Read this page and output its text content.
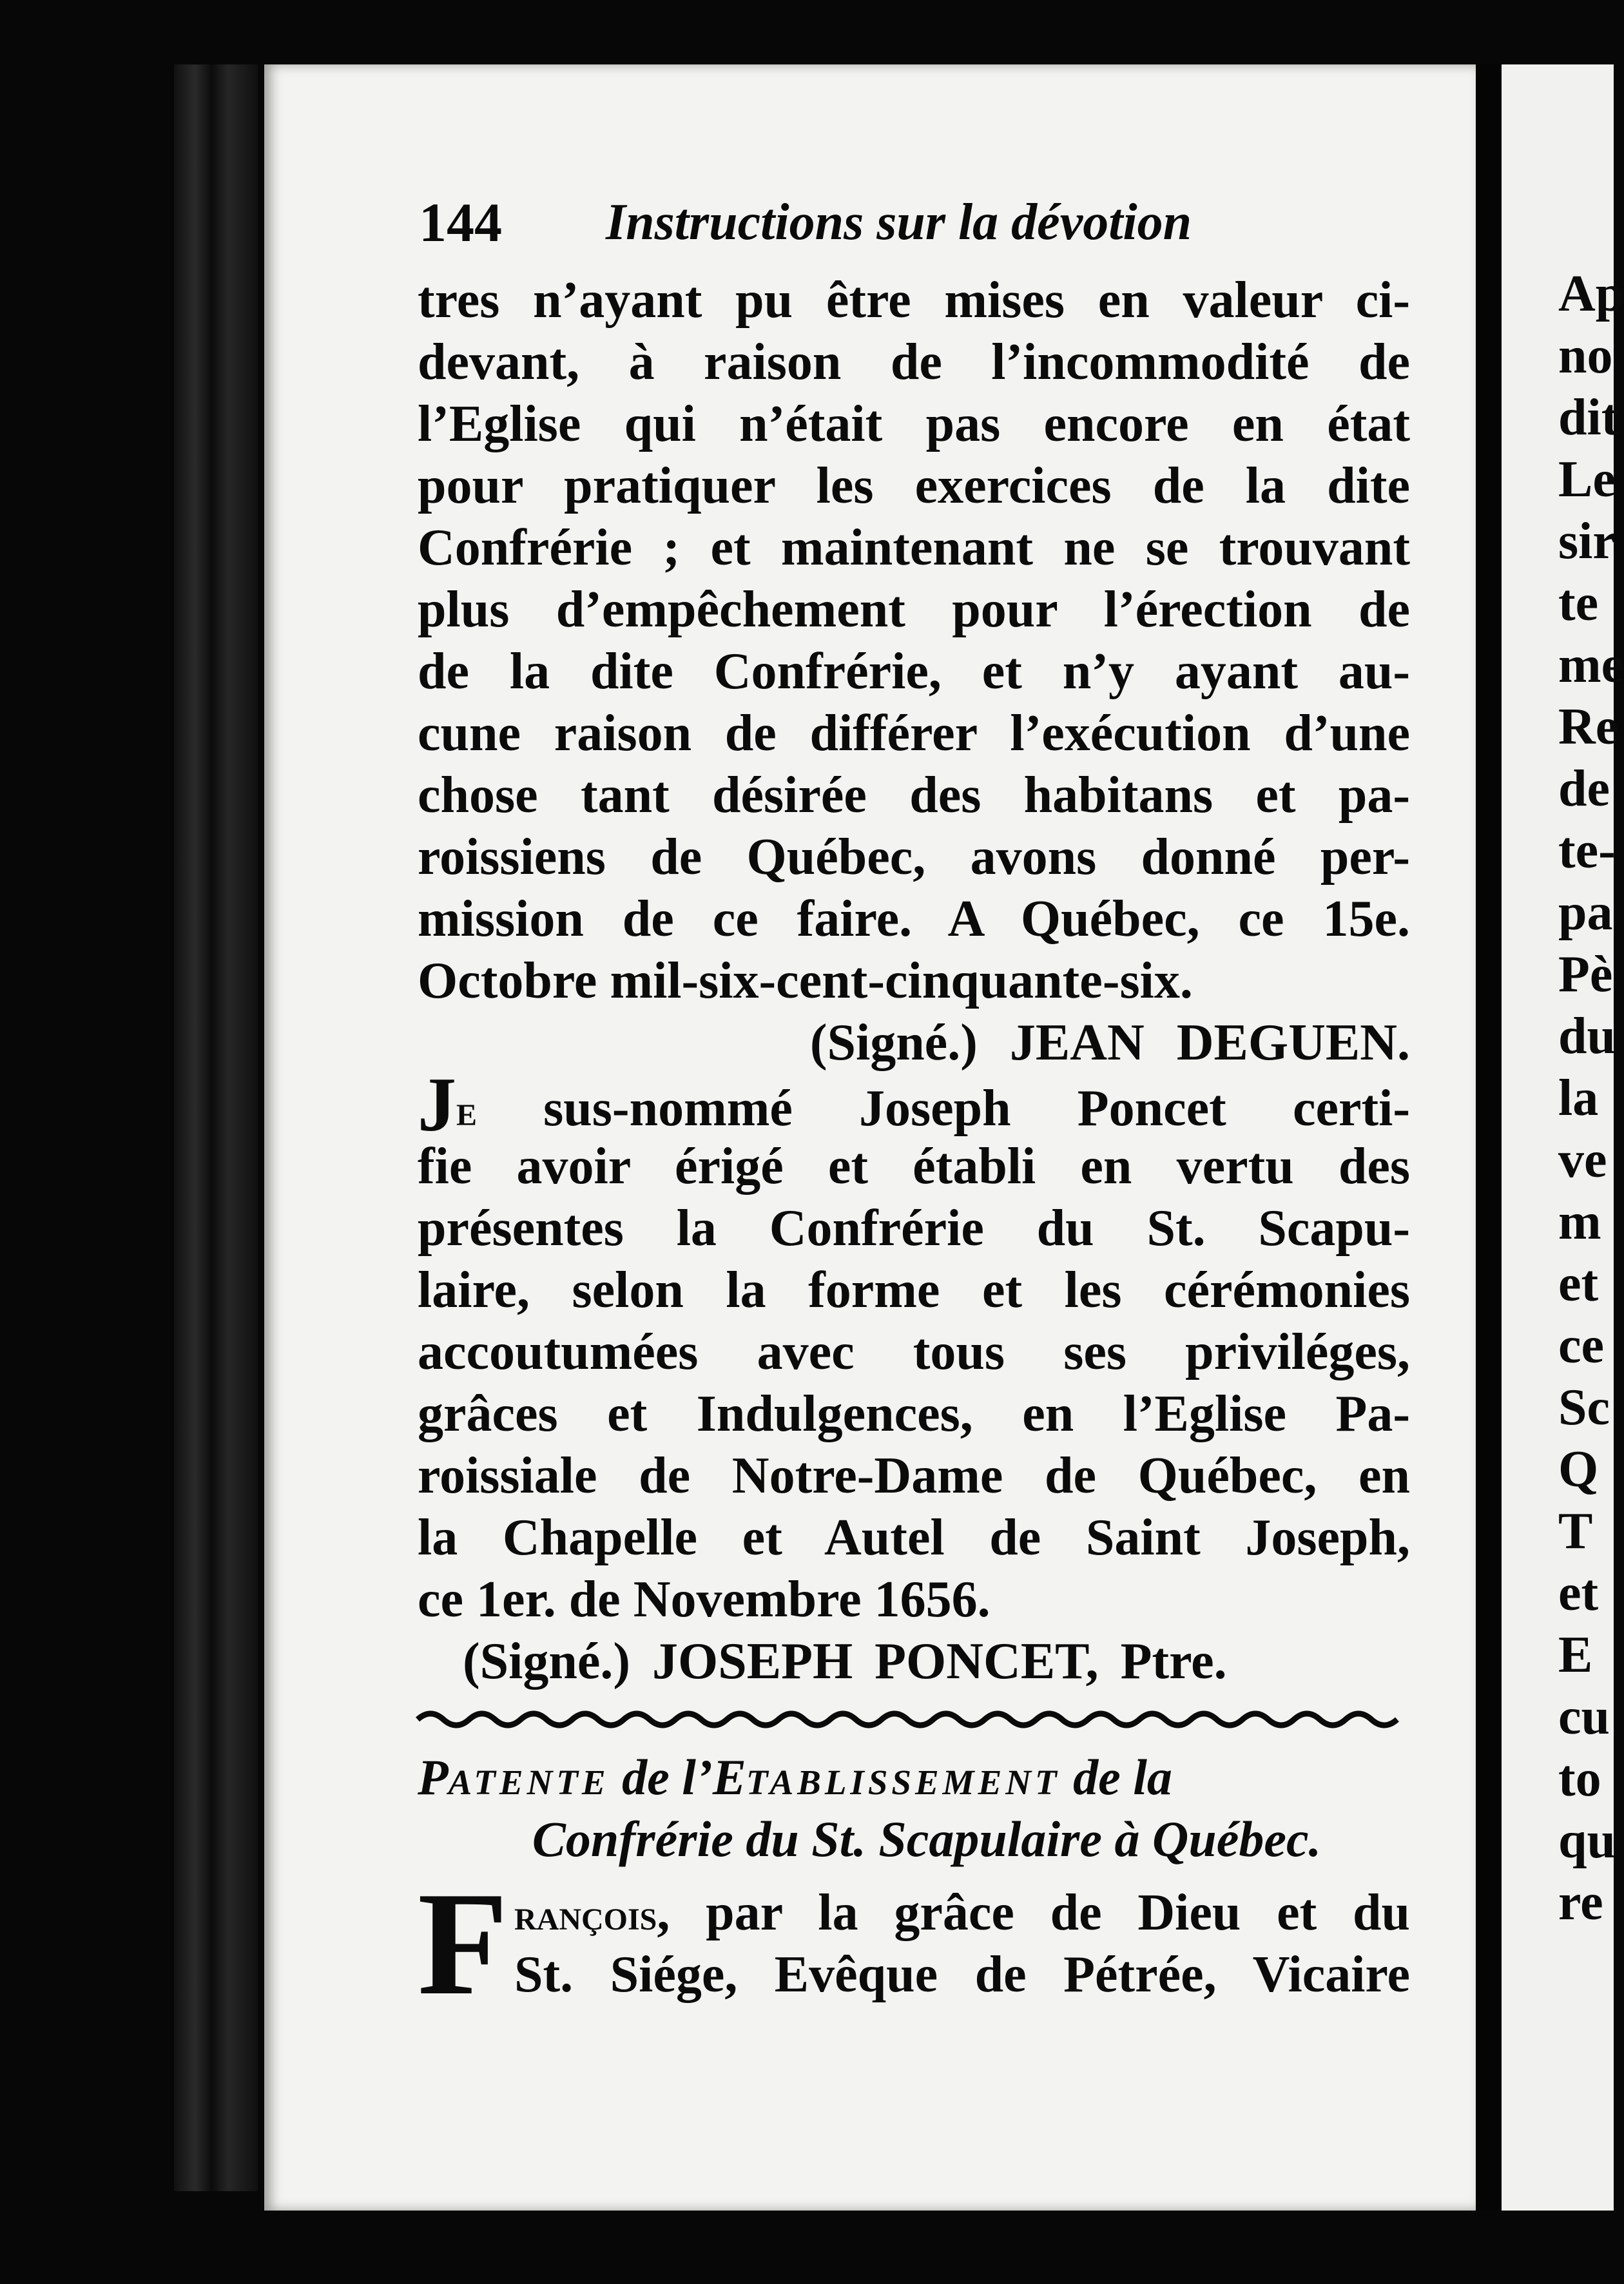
144 Instructions sur la dévotion
tres n’ayant pu être mises en valeur ci-
devant, à raison de l’incommodité de
l’Eglise qui n’était pas encore en état
pour pratiquer les exercices de la dite
Confrérie ; et maintenant ne se trouvant
plus d’empêchement pour l’érection de
de la dite Confrérie, et n’y ayant au-
cune raison de différer l’exécution d’une
chose tant désirée des habitans et pa-
roissiens de Québec, avons donné per-
mission de ce faire. A Québec, ce 15e.
Octobre mil-six-cent-cinquante-six.
(Signé.) JEAN DEGUEN.
Je sus-nommé Joseph Poncet certi-
fie avoir érigé et établi en vertu des
présentes la Confrérie du St. Scapu-
laire, selon la forme et les cérémonies
accoutumées avec tous ses priviléges,
grâces et Indulgences, en l’Eglise Pa-
roissiale de Notre-Dame de Québec, en
la Chapelle et Autel de Saint Joseph,
ce 1er. de Novembre 1656.
(Signé.) JOSEPH PONCET, Ptre.
Patente de l’Etablissement de la
Confrérie du St. Scapulaire à Québec.
F rançois, par la grâce de Dieu et du
St. Siége, Evêque de Pétrée, Vicaire
Ap
no
dit
Le
sir
te
me
Re
de
te-
pa
Pè
du
la
ve
m
et
ce
Sc
Q
T
et
E
cu
to
qu
re
